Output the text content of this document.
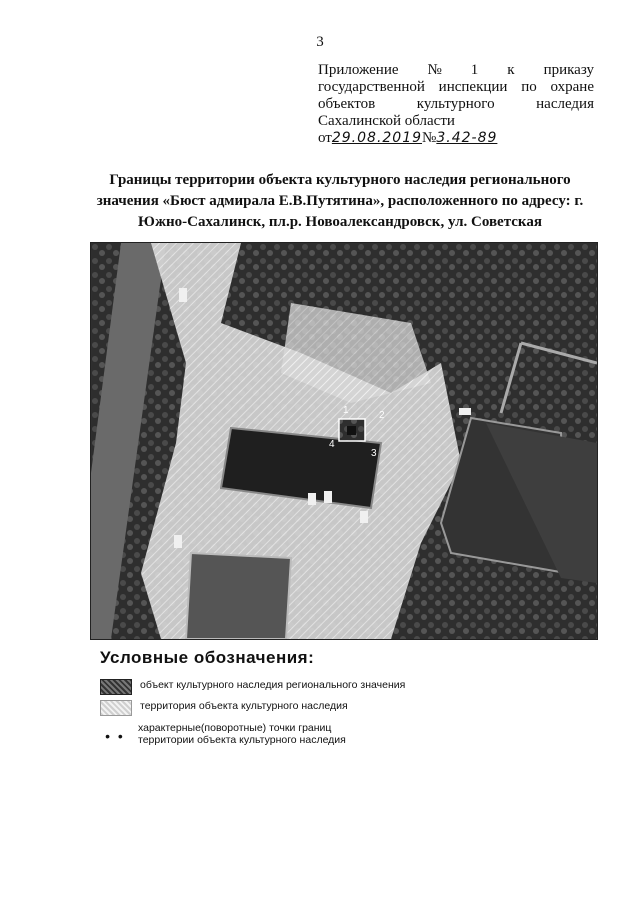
3
Приложение № 1 к приказу
государственной инспекции по охране
объектов	культурного	наследия
Сахалинской области
от 29.08.2019 № 3.42-89
Границы территории объекта культурного наследия регионального
значения «Бюст адмирала Е.В.Путятина», расположенного по адресу: г.
Южно-Сахалинск, пл.р. Новоалександровск, ул. Советская
1	2
3
4
Условные обозначения:
объект культурного наследия регионального значения
территория объекта культурного наследия
• •	характерные(поворотные) точки границ
территории объекта культурного наследия
